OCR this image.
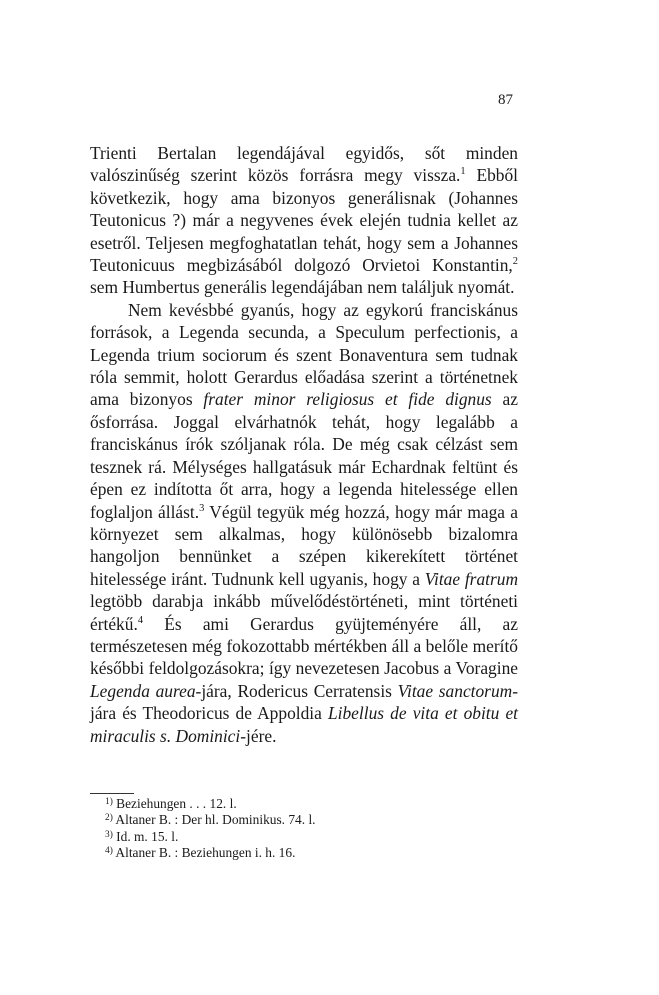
87

Trienti Bertalan legendájával egyidős, sőt minden valószinűség szerint közös forrásra megy vissza.$^1$ Ebből következik, hogy ama bizonyos generálisnak (Johannes Teutonicus ?) már a negyvenes évek elején tudnia kellet az esetről. Teljesen megfoghatatlan tehát, hogy sem a Johannes Teutonicuus megbizásából dolgozó Orvietoi Konstantin,$^2$ sem Humbertus generális legendájában nem találjuk nyomát.

Nem kevésbbé gyanús, hogy az egykorú franciskánus források, a Legenda secunda, a Speculum perfectionis, a Legenda trium sociorum és szent Bonaventura sem tudnak róla semmit, holott Gerardus előadása szerint a történetnek ama bizonyos frater minor religiosus et fide dignus az ősforrása. Joggal elvárhatnók tehát, hogy legalább a franciskánus írók szóljanak róla. De még csak célzást sem tesznek rá. Mélységes hallgatásuk már Echardnak feltünt és épen ez indította őt arra, hogy a legenda hitelessége ellen foglaljon állást.$^3$ Végül tegyük még hozzá, hogy már maga a környezet sem alkalmas, hogy különösebb bizalomra hangoljon bennünket a szépen kikerekített történet hitelessége iránt. Tudnunk kell ugyanis, hogy a Vitae fratrum legtöbb darabja inkább művelődéstörténeti, mint történeti értékű.$^4$ És ami Gerardus gyüjteményére áll, az természetesen még fokozottabb mértékben áll a belőle merítő későbbi feldolgozásokra; így nevezetesen Jacobus a Voragine Legenda aurea-jára, Rodericus Cerratensis Vitae sanctorum-jára és Theodoricus de Appoldia Libellus de vita et obitu et miraculis s. Dominici-jére.

$^{1)}$ Beziehungen . . . 12. l.
$^{2)}$ Altaner B. : Der hl. Dominikus. 74. l.
$^{3)}$ Id. m. 15. l.
$^{4)}$ Altaner B. : Beziehungen i. h. 16.
